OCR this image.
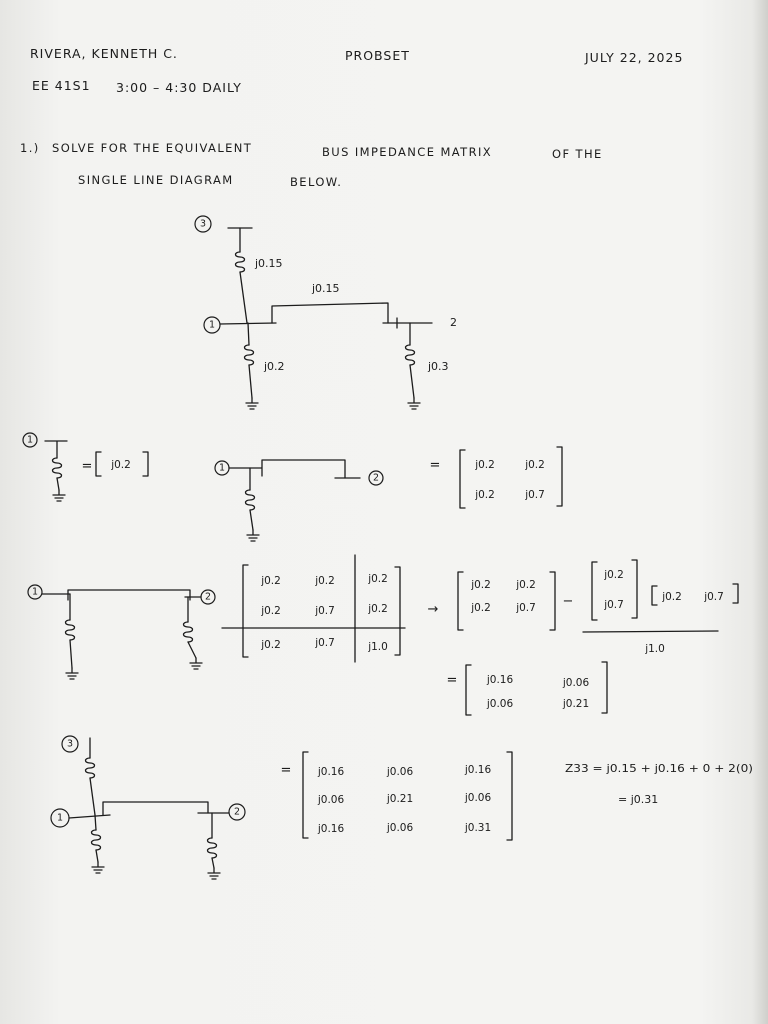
RIVERA, KENNETH C.
EE 41S1 3:00 – 4:30 DAILY
PROBSET	JULY 22, 2025
1.) SOLVE FOR THE EQUIVALENT	BUS IMPEDANCE MATRIX	OF THE
SINGLE LINE DIAGRAM	BELOW.
3
j0.15
1
j0.15
2
j0.2	j0.3
1
= j0.2	1
2
=	j0.2	j0.2
j0.2	j0.7
1	2
j0.2	j0.2	j0.2
j0.2	j0.7	j0.2
j0.2	j0.7	j1.0
→
j0.2 j0.2
j0.2 j0.7 −
j0.2
j0.7
j0.2 j0.7
j1.0
=	j0.16	j0.06
j0.06	j0.21
3
1
2
=	j0.16	j0.06	j0.16
j0.06	j0.21	j0.06
j0.16	j0.06	j0.31
Z33 = j0.15 + j0.16 + 0 + 2(0)
= j0.31
